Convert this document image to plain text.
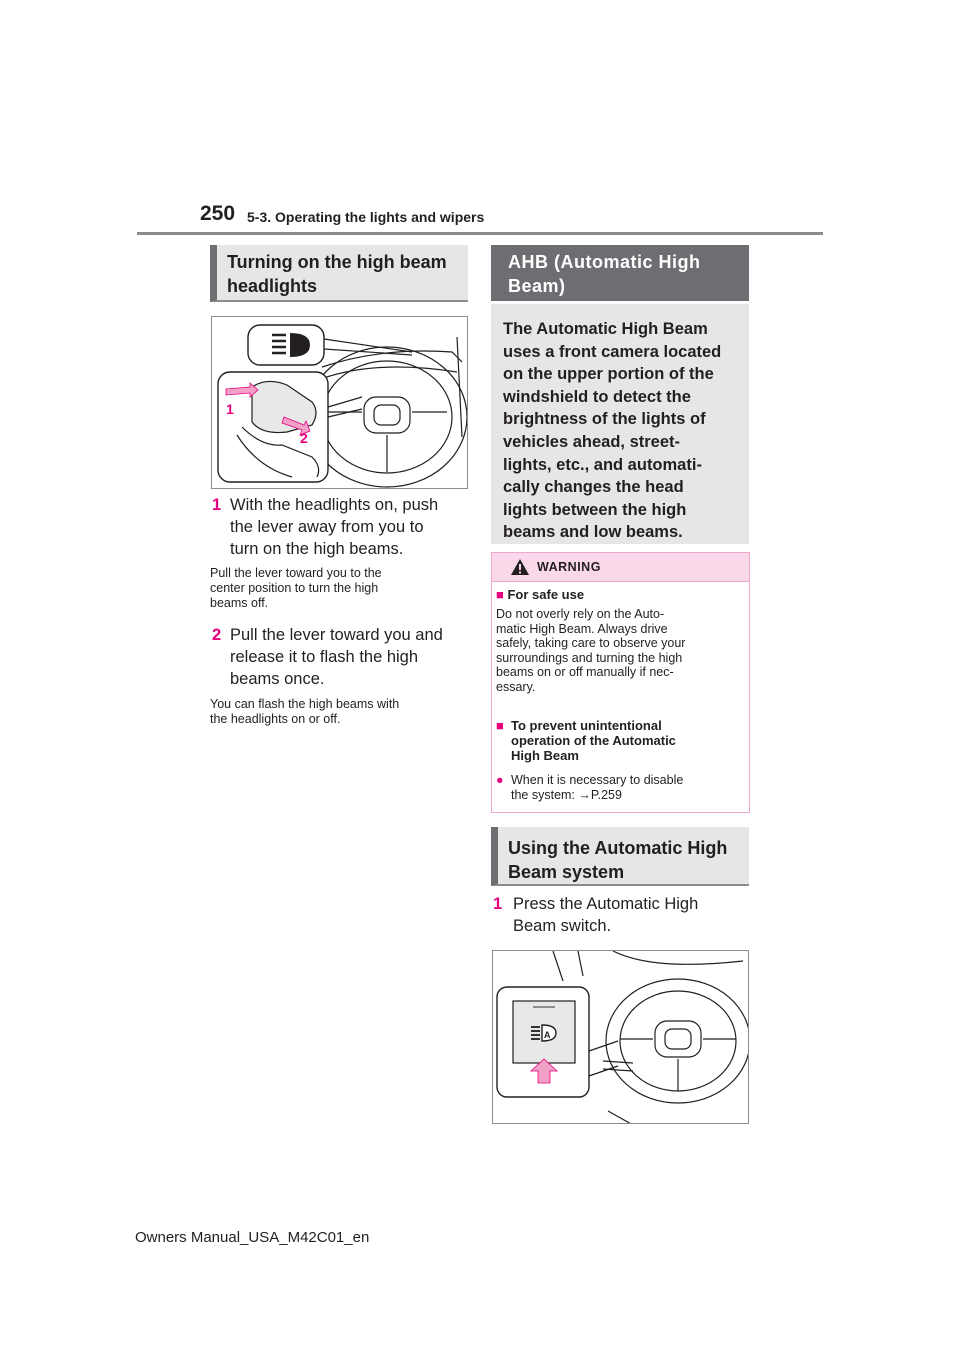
250 5-3. Operating the lights and wipers
Turning on the high beam
headlights
1
2
1 With the headlights on, push
the lever away from you to
turn on the high beams.
Pull the lever toward you to the
center position to turn the high
beams off.
2 Pull the lever toward you and
release it to flash the high
beams once.
You can flash the high beams with
the headlights on or off.
AHB (Automatic High
Beam)
The Automatic High Beam
uses a front camera located
on the upper portion of the
windshield to detect the
brightness of the lights of
vehicles ahead, street-
lights, etc., and automati-
cally changes the head
lights between the high
beams and low beams.
WARNING
■ For safe use
Do not overly rely on the Auto-
matic High Beam. Always drive
safely, taking care to observe your
surroundings and turning the high
beams on or off manually if nec-
essary.
■ To prevent unintentional
operation of the Automatic
High Beam
● When it is necessary to disable
the system: →P.259
Using the Automatic High
Beam system
1 Press the Automatic High
Beam switch.
A
Owners Manual_USA_M42C01_en
